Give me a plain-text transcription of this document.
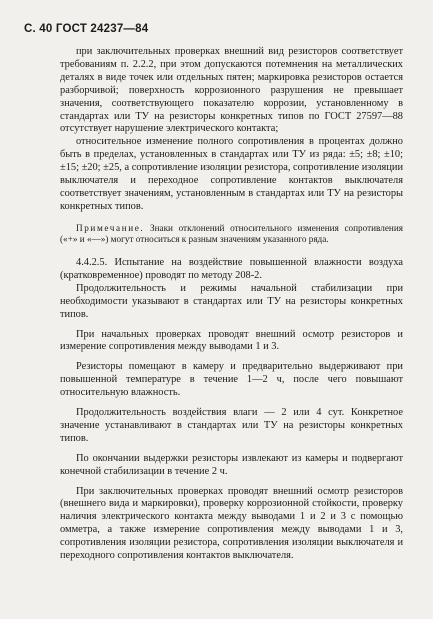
С. 40 ГОСТ 24237—84

при заключительных проверках внешний вид резисторов соответствует требованиям п. 2.2.2, при этом допускаются потемнения на металлических деталях в виде точек или отдельных пятен; маркировка резисторов остается разборчивой; поверхность коррозионного разрушения не превышает значения, соответствующего показателю коррозии, установленному в стандартах или ТУ на резисторы конкретных типов по ГОСТ 27597—88 отсутствует нарушение электрического контакта;

относительное изменение полного сопротивления в процентах должно быть в пределах, установленных в стандартах или ТУ из ряда: ±5; ±8; ±10; ±15; ±20; ±25, а сопротивление изоляции резистора, сопротивление изоляции выключателя и переходное сопротивление контактов выключателя соответствует значениям, установленным в стандартах или ТУ на резисторы конкретных типов.

Примечание. Знаки отклонений относительного изменения сопротивления («+» и «—») могут относиться к разным значениям указанного ряда.

4.4.2.5. Испытание на воздействие повышенной влажности воздуха (кратковременное) проводят по методу 208-2.

Продолжительность и режимы начальной стабилизации при необходимости указывают в стандартах или ТУ на резисторы конкретных типов.

При начальных проверках проводят внешний осмотр резисторов и измерение сопротивления между выводами 1 и 3.

Резисторы помещают в камеру и предварительно выдерживают при повышенной температуре в течение 1—2 ч, после чего повышают относительную влажность.

Продолжительность воздействия влаги — 2 или 4 сут. Конкретное значение устанавливают в стандартах или ТУ на резисторы конкретных типов.

По окончании выдержки резисторы извлекают из камеры и подвергают конечной стабилизации в течение 2 ч.

При заключительных проверках проводят внешний осмотр резисторов (внешнего вида и маркировки), проверку коррозионной стойкости, проверку наличия электрического контакта между выводами 1 и 2 и 3 с помощью омметра, а также измерение сопротивления между выводами 1 и 3, сопротивления изоляции резистора, сопротивления изоляции выключателя и переходного сопротивления контактов выключателя.
